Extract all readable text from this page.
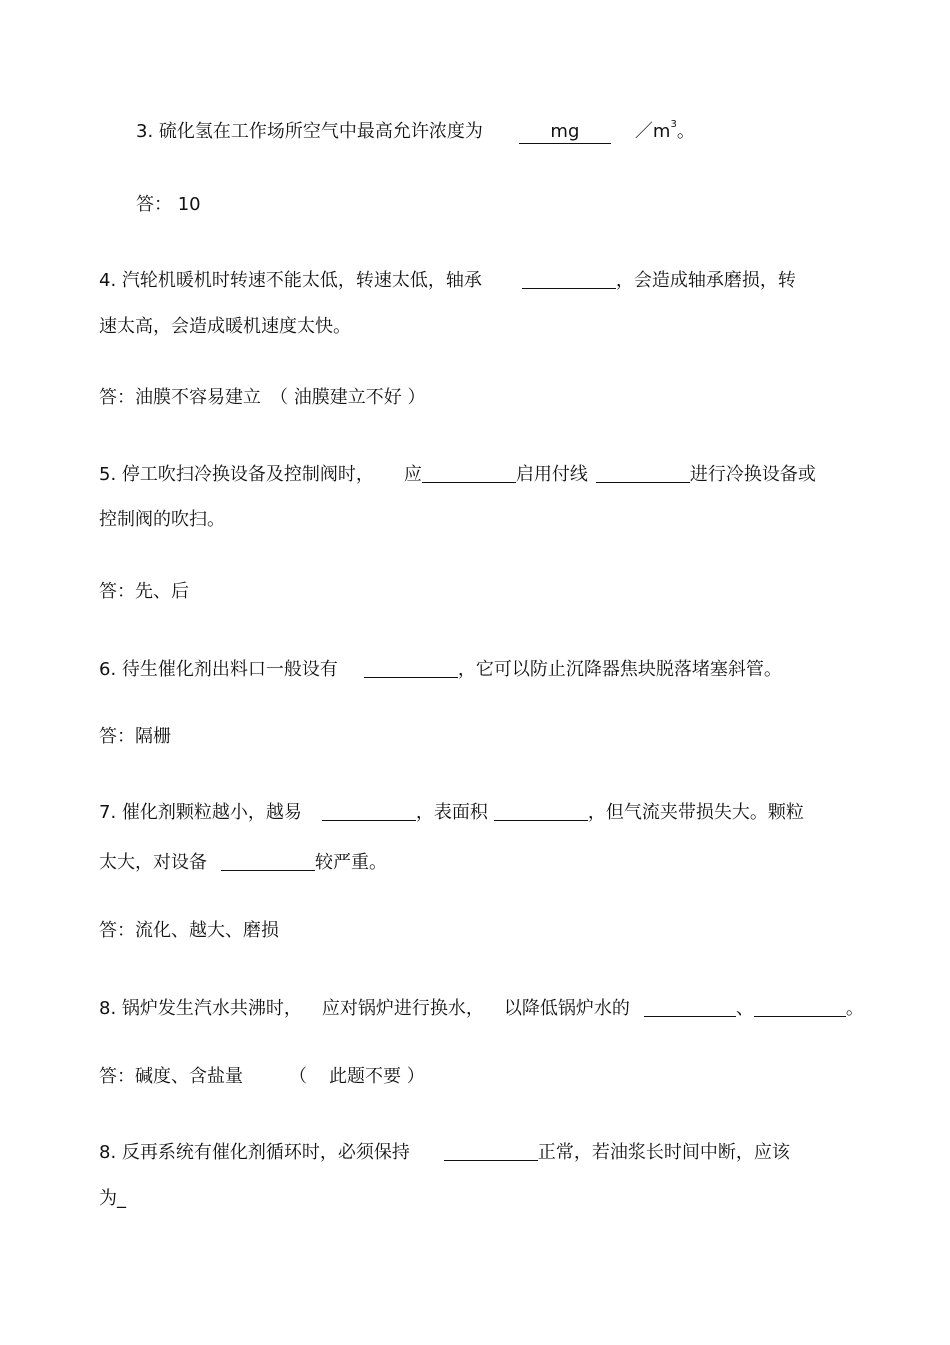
3. 硫化氢在工作场所空气中最高允许浓度为	mg	$/m^3$。
答： 10
4. 汽轮机暖机时转速不能太低，转速太低，轴承	，会造成轴承磨损，转
速太高，会造成暖机速度太快。
答：油膜不容易建立　（ 油膜建立不好 ）
5. 停工吹扫冷换设备及控制阀时， 应	启用付线	进行冷换设备或
控制阀的吹扫。
答：先、后
6. 待生催化剂出料口一般设有	，它可以防止沉降器焦块脱落堵塞斜管。
答：隔栅
7. 催化剂颗粒越小，越易	，表面积	，但气流夹带损失大。颗粒
太大，对设备	较严重。
答：流化、越大、磨损
8. 锅炉发生汽水共沸时， 应对锅炉进行换水， 以降低锅炉水的	、	。
答：碱度、含盐量	（ 此题不要 ）
8. 反再系统有催化剂循环时，必须保持	正常，若油浆长时间中断，应该
为_
